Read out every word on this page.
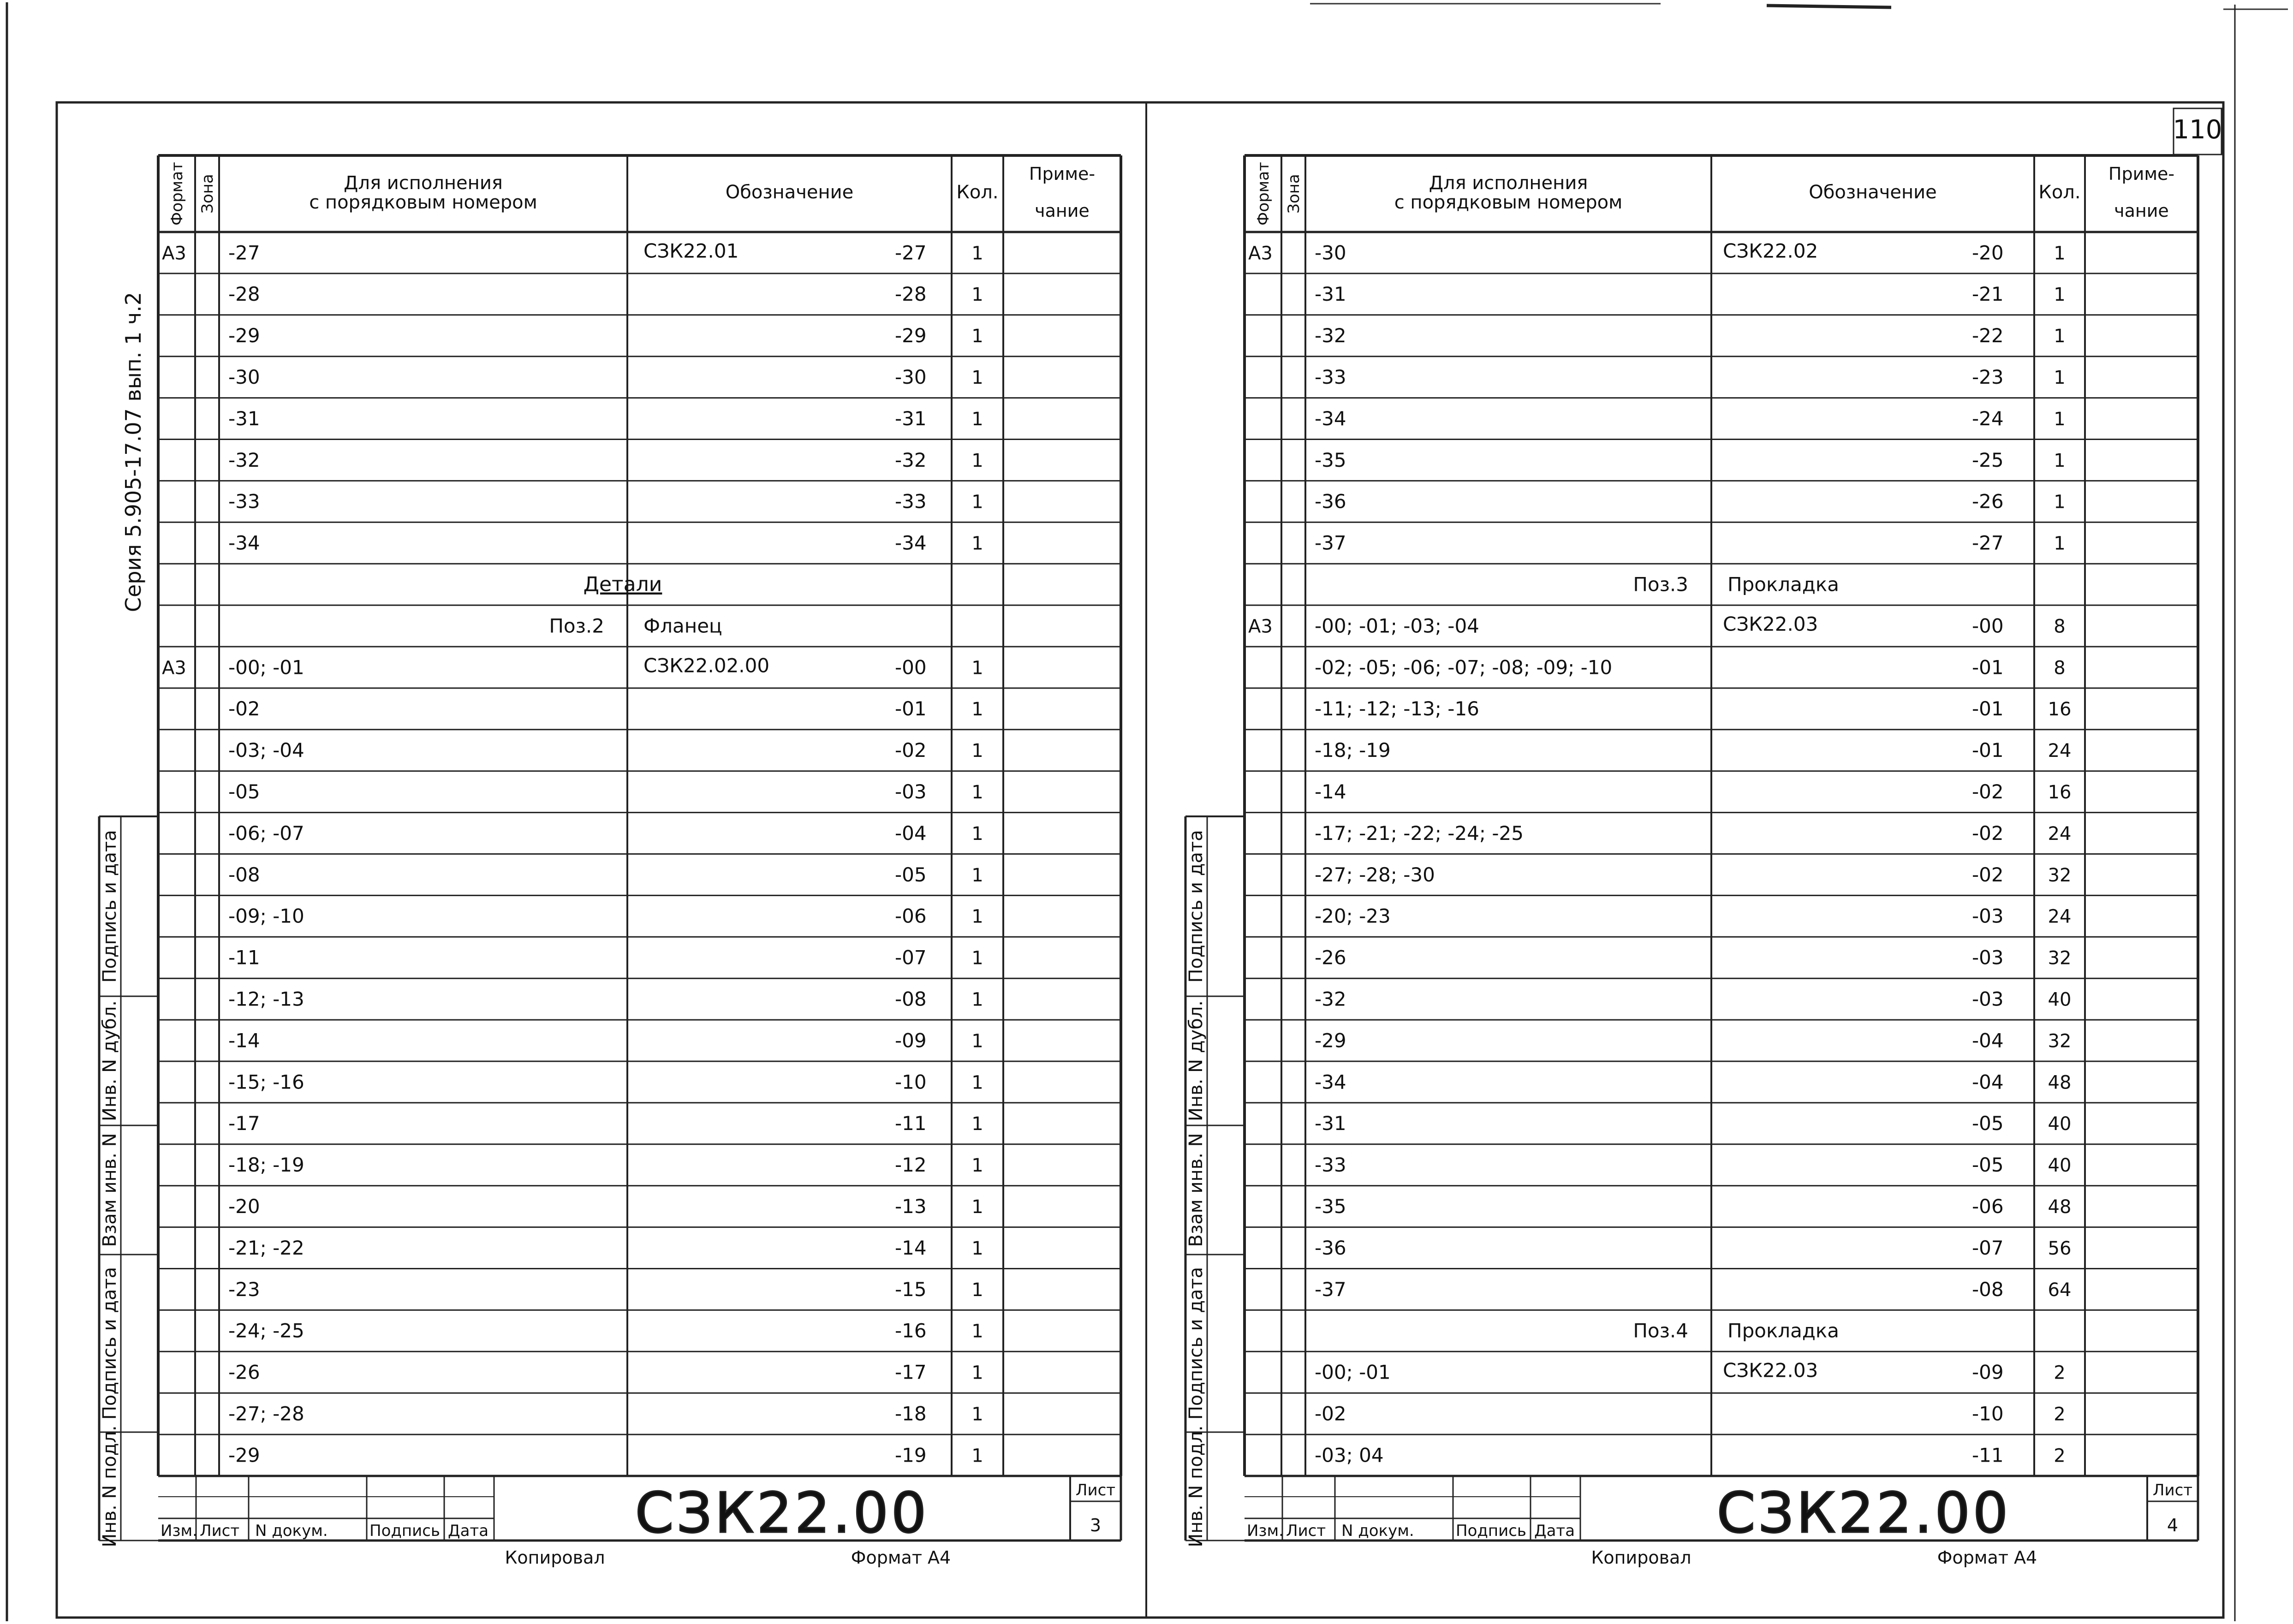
110
Серия 5.905-17.07 вып. 1 ч.2
Формат Зона	Для исполнения
с порядковым номером	Обозначение	Кол.
Приме-
чание
А3 -27	СЗК22.01	-27 1
-28	-28 1
-29	-29 1
-30	-30 1
-31	-31 1
-32	-32 1
-33	-33 1
-34	-34 1
Детали
Поз.2 Фланец
А3 -00; -01	СЗК22.02.00	-00 1
-02	-01 1
-03; -04	-02 1
-05	-03 1
-06; -07	-04 1
-08	-05 1
-09; -10	-06 1
-11	-07 1
-12; -13	-08 1
-14	-09 1
-15; -16	-10 1
-17	-11 1
-18; -19	-12 1
-20	-13 1
-21; -22	-14 1
-23	-15 1
-24; -25	-16 1
-26	-17 1
-27; -28	-18 1
-29	-19 1
Подпись и дата
Инв. N дубл.
Взам инв. N
Подпись и дата
Инв. N подл.	Изм. Лист N докум.	Подпись Дата
Лист
3
СЗК22.00
Копировал	Формат А4
Формат Зона	Для исполнения
с порядковым номером	Обозначение	Кол.
Приме-
чание
А3 -30	СЗК22.02	-20	1
-31	-21	1
-32	-22	1
-33	-23	1
-34	-24	1
-35	-25	1
-36	-26	1
-37	-27	1
Поз.3 Прокладка
А3 -00; -01; -03; -04	СЗК22.03	-00	8
-02; -05; -06; -07; -08; -09; -10	-01	8
-11; -12; -13; -16	-01 16
-18; -19	-01 24
-14	-02 16
-17; -21; -22; -24; -25	-02 24
-27; -28; -30	-02 32
-20; -23	-03 24
-26	-03 32
-32	-03 40
-29	-04 32
-34	-04 48
-31	-05 40
-33	-05 40
-35	-06 48
-36	-07 56
-37	-08 64
Поз.4 Прокладка
-00; -01	СЗК22.03	-09	2
-02	-10	2
-03; 04	-11	2
Подпись и дата
Инв. N дубл.
Взам инв. N
Подпись и дата
Инв. N подл.	Изм. Лист N докум.	Подпись Дата
Лист
4
СЗК22.00
Копировал	Формат А4
